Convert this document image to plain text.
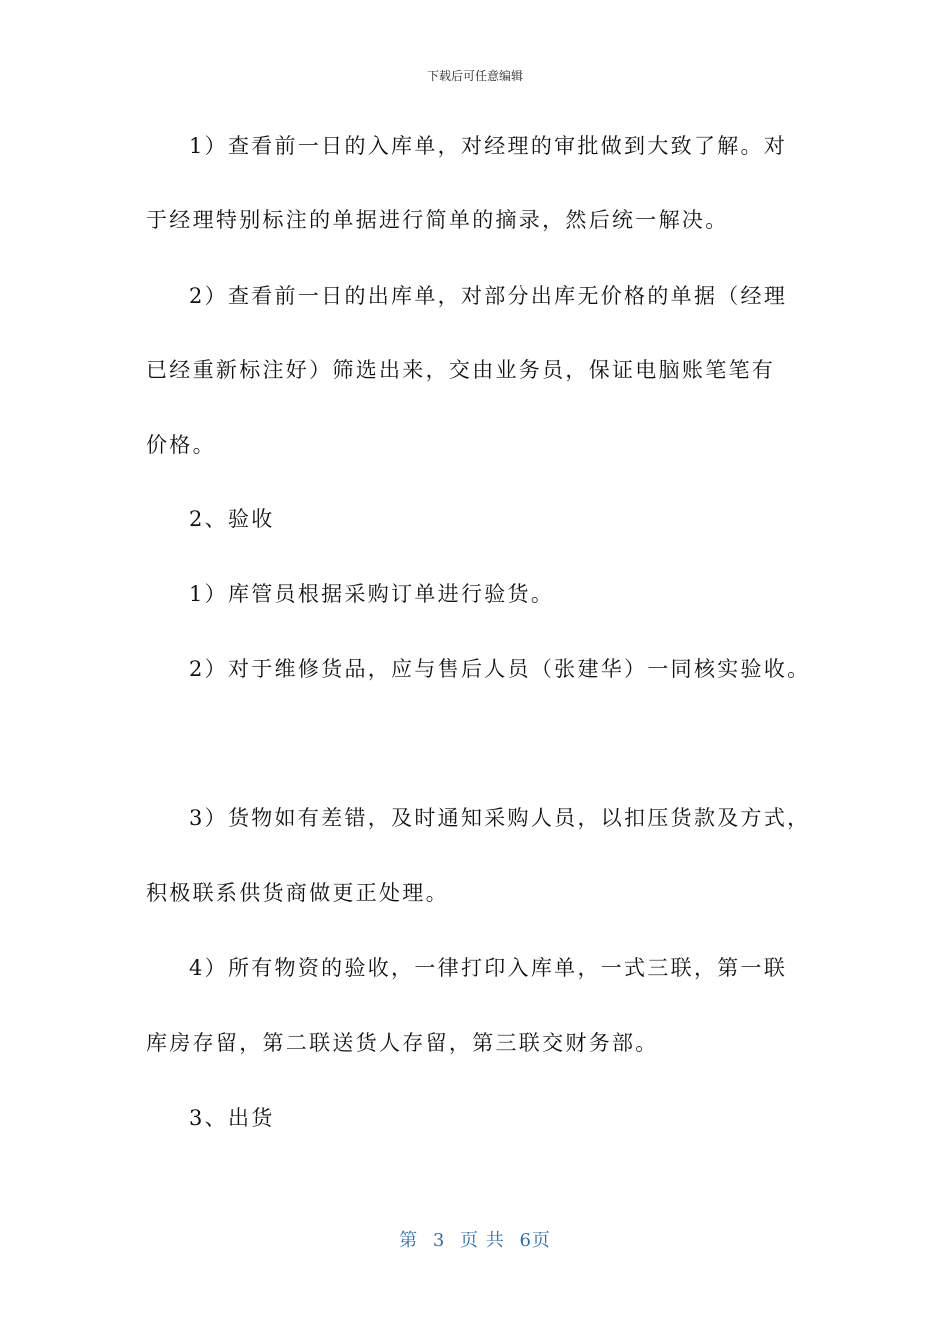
下载后可任意编辑
1）查看前一日的入库单，对经理的审批做到大致了解。对
于经理特别标注的单据进行简单的摘录，然后统一解决。
2）查看前一日的出库单，对部分出库无价格的单据（经理
已经重新标注好）筛选出来，交由业务员，保证电脑账笔笔有
价格。
2、验收
1）库管员根据采购订单进行验货。
2）对于维修货品，应与售后人员（张建华）一同核实验收。
3）货物如有差错，及时通知采购人员，以扣压货款及方式，
积极联系供货商做更正处理。
4）所有物资的验收，一律打印入库单，一式三联，第一联
库房存留，第二联送货人存留，第三联交财务部。
3、出货
第 3 页 共 6页
